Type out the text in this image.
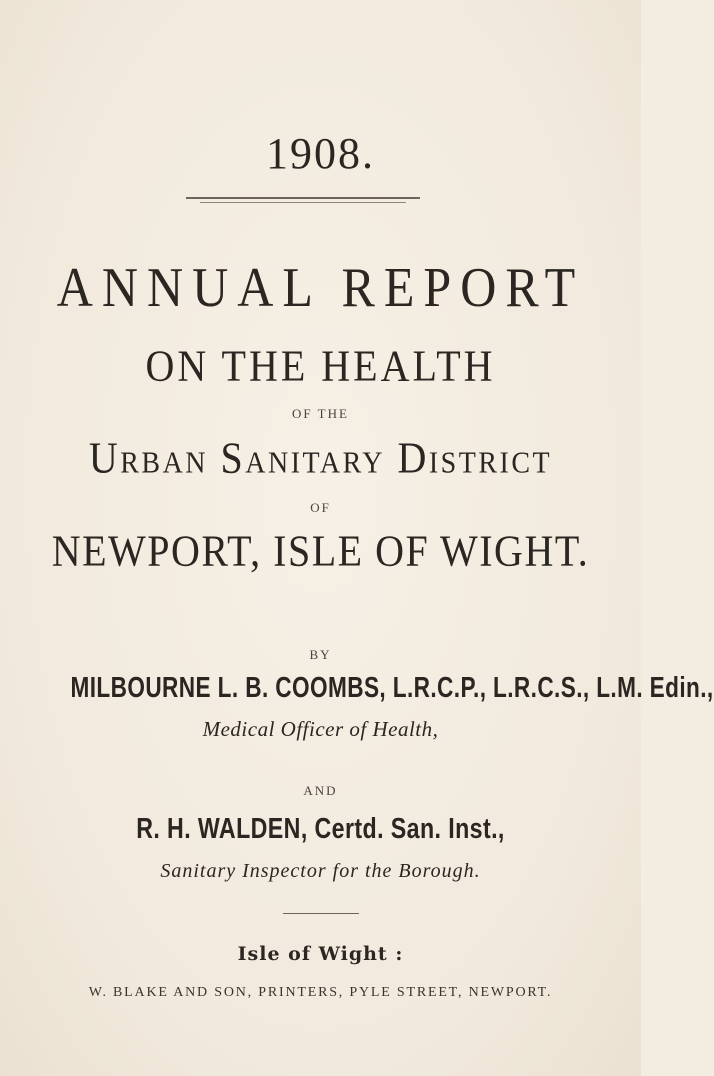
1908.
ANNUAL REPORT
ON THE HEALTH
OF THE
Urban Sanitary District
OF
NEWPORT, ISLE OF WIGHT.
BY
MILBOURNE L. B. COOMBS, L.R.C.P., L.R.C.S., L.M. Edin.,
Medical Officer of Health,
AND
R. H. WALDEN, Certd. San. Inst.,
Sanitary Inspector for the Borough.
Isle of Wight :
W. BLAKE AND SON, PRINTERS, PYLE STREET, NEWPORT.
